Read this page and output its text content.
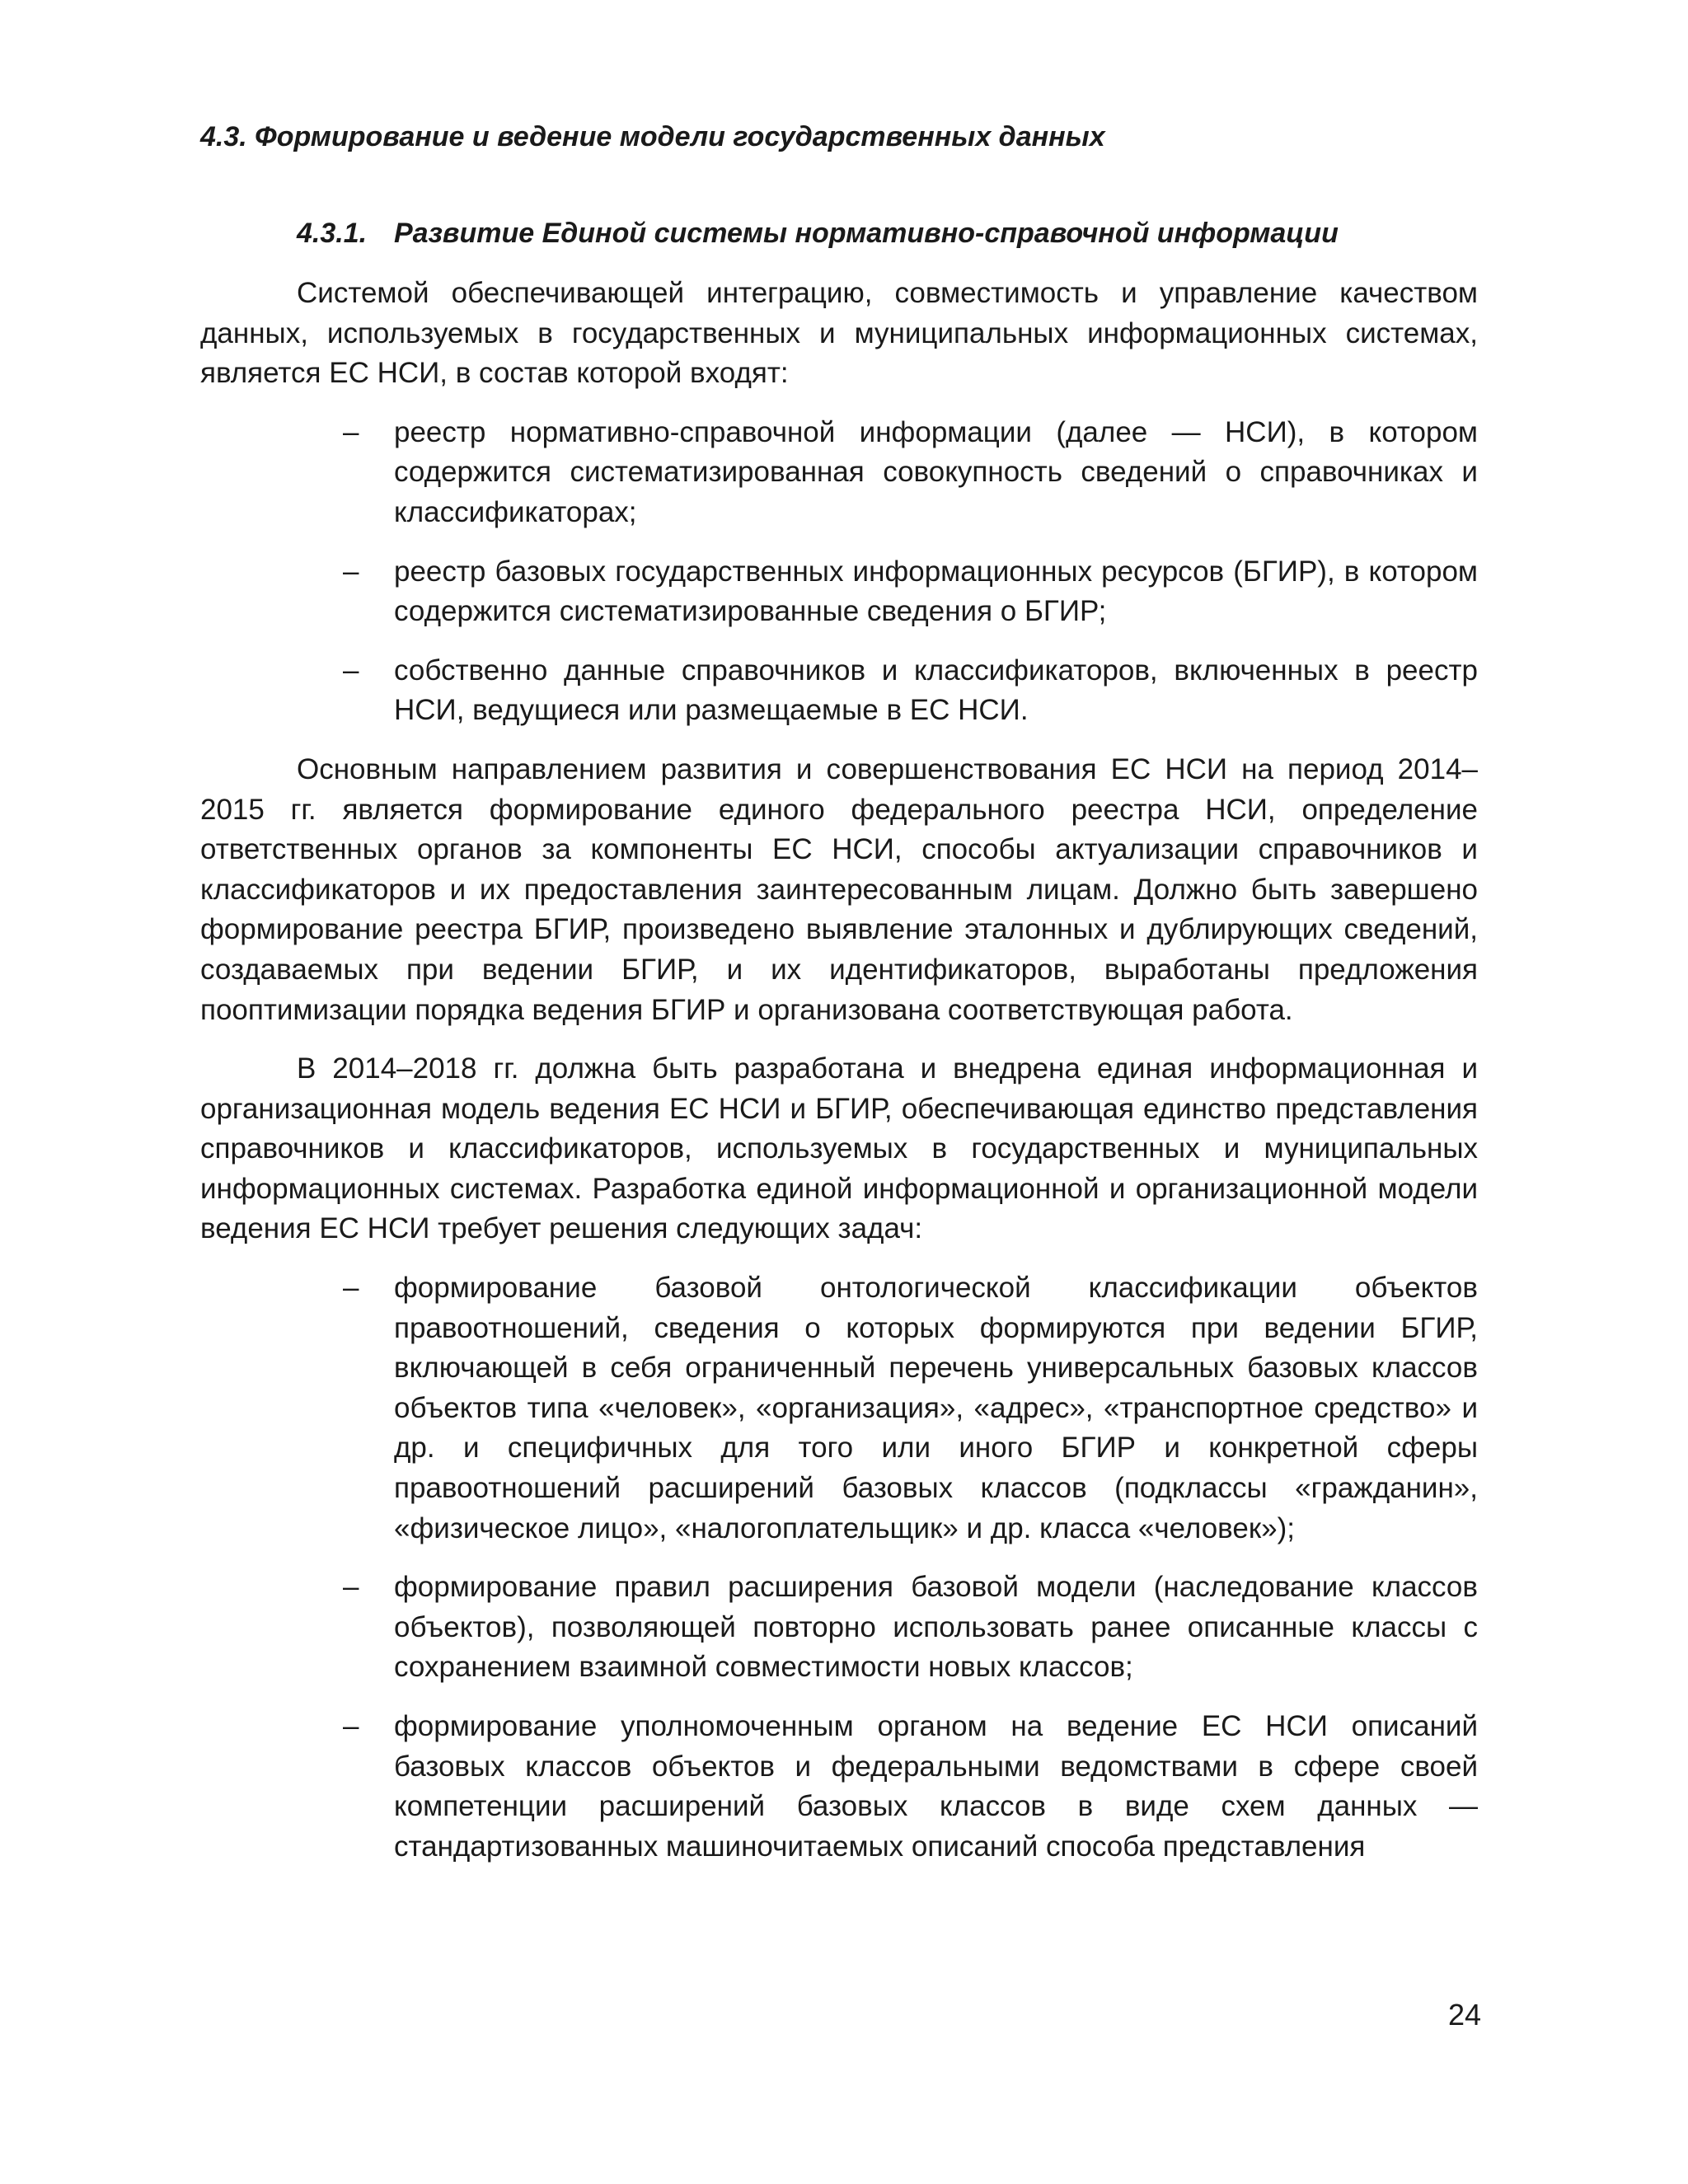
4.3. Формирование и ведение модели государственных данных
4.3.1. Развитие Единой системы нормативно-справочной информации

Системой обеспечивающей интеграцию, совместимость и управление качеством данных, используемых в государственных и муниципальных информационных системах, является ЕС НСИ, в состав которой входят:

– реестр нормативно-справочной информации (далее — НСИ), в котором содержится систематизированная совокупность сведений о справочниках и классификаторах;
– реестр базовых государственных информационных ресурсов (БГИР), в котором содержится систематизированные сведения о БГИР;
– собственно данные справочников и классификаторов, включенных в реестр НСИ, ведущиеся или размещаемые в ЕС НСИ.

Основным направлением развития и совершенствования ЕС НСИ на период 2014–2015 гг. является формирование единого федерального реестра НСИ, определение ответственных органов за компоненты ЕС НСИ, способы актуализации справочников и классификаторов и их предоставления заинтересованным лицам. Должно быть завершено формирование реестра БГИР, произведено выявление эталонных и дублирующих сведений, создаваемых при ведении БГИР, и их идентификаторов, выработаны предложения пооптимизации порядка ведения БГИР и организована соответствующая работа.

В 2014–2018 гг. должна быть разработана и внедрена единая информационная и организационная модель ведения ЕС НСИ и БГИР, обеспечивающая единство представления справочников и классификаторов, используемых в государственных и муниципальных информационных системах. Разработка единой информационной и организационной модели ведения ЕС НСИ требует решения следующих задач:

– формирование базовой онтологической классификации объектов правоотношений, сведения о которых формируются при ведении БГИР, включающей в себя ограниченный перечень универсальных базовых классов объектов типа «человек», «организация», «адрес», «транспортное средство» и др. и специфичных для того или иного БГИР и конкретной сферы правоотношений расширений базовых классов (подклассы «гражданин», «физическое лицо», «налогоплательщик» и др. класса «человек»);
– формирование правил расширения базовой модели (наследование классов объектов), позволяющей повторно использовать ранее описанные классы с сохранением взаимной совместимости новых классов;
– формирование уполномоченным органом на ведение ЕС НСИ описаний базовых классов объектов и федеральными ведомствами в сфере своей компетенции расширений базовых классов в виде схем данных — стандартизованных машиночитаемых описаний способа представления
24
